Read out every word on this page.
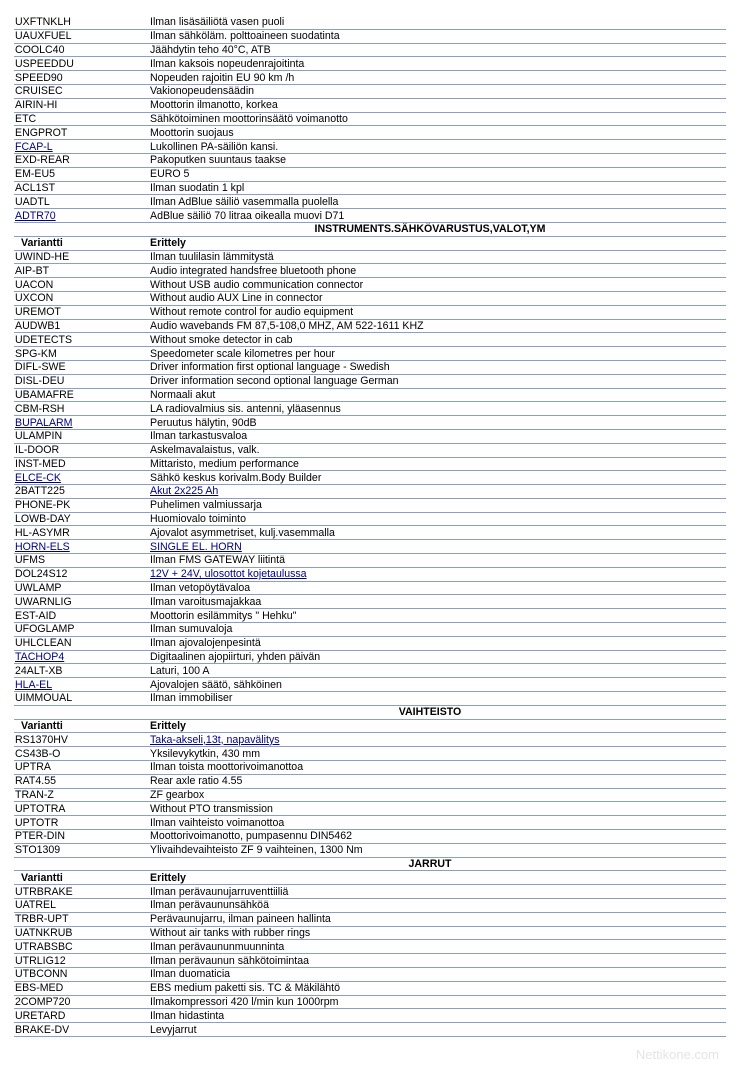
UXFTNKLH	Ilman lisäsäiliötä vasen puoli
UAUXFUEL	Ilman sähköläm. polttoaineen suodatinta
COOLC40	Jäähdytin teho 40°C, ATB
USPEEDDU	Ilman kaksois nopeudenrajoitinta
SPEED90	Nopeuden rajoitin EU 90 km /h
CRUISEC	Vakionopeudensäädin
AIRIN-HI	Moottorin ilmanotto, korkea
ETC	Sähkötoiminen moottorinsäätö voimanotto
ENGPROT	Moottorin suojaus
FCAP-L	Lukollinen PA-säiliön kansi.
EXD-REAR	Pakoputken suuntaus taakse
EM-EU5	EURO 5
ACL1ST	Ilman suodatin 1 kpl
UADTL	Ilman AdBlue säiliö vasemmalla puolella
ADTR70	AdBlue säiliö 70 litraa oikealla muovi D71
INSTRUMENTS.SÄHKÖVARUSTUS,VALOT,YM	
Variantti	Erittely
UWIND-HE	Ilman tuulilasin lämmitystä
AIP-BT	Audio integrated handsfree bluetooth phone
UACON	Without USB audio communication connector
UXCON	Without audio AUX Line in connector
UREMOT	Without remote control for audio equipment
AUDWB1	Audio wavebands FM 87,5-108,0 MHZ, AM 522-1611 KHZ
UDETECTS	Without smoke detector in cab
SPG-KM	Speedometer scale kilometres per hour
DIFL-SWE	Driver information first optional language - Swedish
DISL-DEU	Driver information second optional language German
UBAMAFRE	Normaali akut
CBM-RSH	LA radiovalmius sis. antenni, yläasennus
BUPALARM	Peruutus hälytin, 90dB
ULAMPIN	Ilman tarkastusvaloa
IL-DOOR	Askelmavalaistus, valk.
INST-MED	Mittaristo, medium performance
ELCE-CK	Sähkö keskus korivalm.Body Builder
2BATT225	Akut 2x225 Ah
PHONE-PK	Puhelimen valmiussarja
LOWB-DAY	Huomiovalo toiminto
HL-ASYMR	Ajovalot asymmetriset, kulj.vasemmalla
HORN-ELS	SINGLE EL. HORN
UFMS	Ilman FMS GATEWAY liitintä
DOL24S12	12V + 24V, ulosottot kojetaulussa
UWLAMP	Ilman vetopöytävaloa
UWARNLIG	Ilman varoitusmajakkaa
EST-AID	Moottorin esilämmitys " Hehku"
UFOGLAMP	Ilman sumuvaloja
UHLCLEAN	Ilman ajovalojenpesintä
TACHOP4	Digitaalinen ajopiirturi, yhden päivän
24ALT-XB	Laturi, 100 A
HLA-EL	Ajovalojen säätö, sähköinen
UIMMOUAL	Ilman immobiliser
VAIHTEISTO	
Variantti	Erittely
RS1370HV	Taka-akseli,13t, napavälitys
CS43B-O	Yksilevykytkin, 430 mm
UPTRA	Ilman toista moottorivoimanottoa
RAT4.55	Rear axle ratio 4.55
TRAN-Z	ZF gearbox
UPTOTRA	Without PTO transmission
UPTOTR	Ilman vaihteisto voimanottoa
PTER-DIN	Moottorivoimanotto, pumpasennu DIN5462
STO1309	Ylivaihdevaihteisto ZF 9 vaihteinen, 1300 Nm
JARRUT	
Variantti	Erittely
UTRBRAKE	Ilman perävaunujarruventtiiliä
UATREL	Ilman perävaununsähköä
TRBR-UPT	Perävaunujarru, ilman paineen hallinta
UATNKRUB	Without air tanks with rubber rings
UTRABSBC	Ilman perävaununmuunninta
UTRLIG12	Ilman perävaunun sähkötoimintaa
UTBCONN	Ilman duomaticia
EBS-MED	EBS medium paketti sis. TC & Mäkilähtö
2COMP720	Ilmakompressori 420 l/min kun 1000rpm
URETARD	Ilman hidastinta
BRAKE-DV	Levyjarrut
Nettikone.com
